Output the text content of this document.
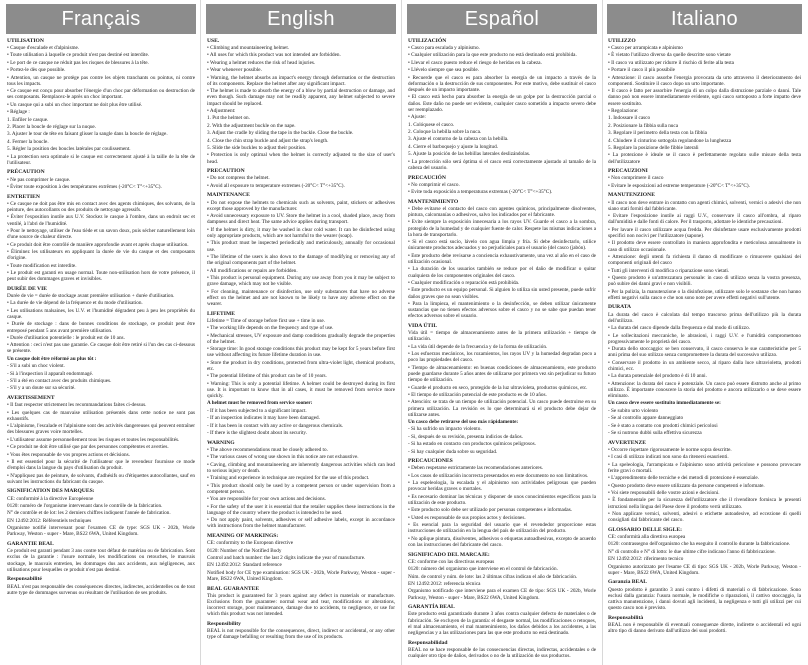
Français
UTILISATION
• Casque d'escalade et d'alpinisme.
• Toute utilisation à laquelle ce produit n'est pas destiné est interdite.
• Le port de ce casque ne réduit pas les risques de blessures à la tête.
• Portez-le dès que possible.
• Attention, un casque ne protège pas contre les objets tranchants ou pointus, ni contre tous les impacts.
• Ce casque est conçu pour absorber l'énergie d'un choc par déformation ou destruction de ses composants. Remplacez-le après un choc important.
• Un casque qui a subi un choc important ne doit plus être utilisé.
• Réglage :
1. Enfiler le casque.
2. Placer la boucle de réglage sur la nuque.
3. Ajuster le tour de tête en faisant glisser la sangle dans la boucle de réglage.
4. Fermer la boucle.
5. Régler la position des boucles latérales par coulissement.
• La protection sera optimale si le casque est correctement ajusté à la taille de la tête de l'utilisateur.
PRÉCAUTION
• Ne pas comprimer le casque.
• Éviter toute exposition à des températures extrêmes (-20°C< T°<+35°C).
ENTRETIEN
• Ce casque ne doit pas être mis en contact avec des agents chimiques, des solvants, de la peinture, des autocollants ou des produits de nettoyage agressifs.
• Éviter l'exposition inutile aux U.V. Stockez le casque à l'ombre, dans un endroit sec et ventilé, à l'abri de l'humidité.
• Pour le nettoyage, utiliser de l'eau tiède et un savon doux, puis sécher naturellement loin d'une source de chaleur directe.
• Ce produit doit être contrôlé de manière approfondie avant et après chaque utilisation.
• Éliminez les utilisateurs en appliquant la durée de vie du casque et des composants d'origine.
• Toute modification est interdite.
• Le produit est garanti en usage normal. Toute non-utilisation hors de votre présence, il peut subir des dommages graves et invisibles.
DURÉE DE VIE
Durée de vie = durée de stockage avant première utilisation + durée d'utilisation.
• La durée de vie dépend de la fréquence et du mode d'utilisation.
• Les utilisations malsaines, les U.V. et l'humidité dégradent peu à peu les propriétés du casque.
• Durée de stockage : dans de bonnes conditions de stockage, ce produit peut être entreposé pendant 5 ans avant première utilisation.
• Durée d'utilisation potentielle : le produit est de 10 ans.
• Attention : ceci n'est pas une garantie. Ce casque doit être retiré si l'un des cas ci-dessous se présente.
Un casque doit être réformé au plus tôt :
- S'il a subi un choc violent.
- Si à l'inspection il apparaît endommagé.
- S'il a été en contact avec des produits chimiques.
- S'il y a un doute sur sa sécurité.
AVERTISSEMENT
• Il faut respecter strictement les recommandations faites ci-dessus.
• Les quelques cas de mauvaise utilisation présentés dans cette notice ne sont pas exhaustifs.
• L'alpinisme, l'escalade et l'alpinisme sont des activités dangereuses qui peuvent entraîner des blessures graves voire mortelles.
• L'utilisateur assume personnellement tous les risques et toutes les responsabilités.
• Ce produit ne doit être utilisé que par des personnes compétentes et averties.
• Vous êtes responsable de vos propres actions et décisions.
• Il est essentiel pour la sécurité de l'utilisateur que le revendeur fournisse ce mode d'emploi dans la langue du pays d'utilisation du produit.
• N'appliquez pas de peinture, de solvants, d'adhésifs ou d'étiquettes autocollantes, sauf en suivant les instructions du fabricant du casque.
SIGNIFICATION DES MARQUES:
CE: conformité à la directive Européenne
0120: numéro de l'organisme intervenant dans le contrôle de la fabrication.
N° de contrôle et de lot: les 2 derniers chiffres indiquent l'année de fabrication.
EN 12492:2012: Référentiels techniques
Organisme notifié intervenant pour l'examen CE de type: SGS UK - 202b, Worle Parkway, Weston - super - Mare, BS22 6WA, United Kingdom.
GARANTIE BEAL
Ce produit est garanti pendant 3 ans contre tout défaut de matériau ou de fabrication. Sont exclus de la garantie : l'usure normale, les modifications ou retouches, le mauvais stockage, le mauvais entretien, les dommages dus aux accidents, aux négligences, aux utilisations pour lesquelles ce produit n'est pas destiné.
Responsabilité
BEAL n'est pas responsable des conséquences directes, indirectes, accidentelles ou de tout autre type de dommages survenus ou résultant de l'utilisation de ses produits.
English
USE.
• Climbing and mountaineering helmet.
• All uses for which this product was not intended are forbidden.
• Wearing a helmet reduces the risk of head injuries.
• Wear whenever possible.
• Warning, the helmet absorbs an impact's energy through deformation or the destruction of its components. Replace the helmet after any significant impact.
• The helmet is made to absorb the energy of a blow by partial destruction or damage, and even though. Such damage may not be readily apparent, any helmet subjected to severe impact should be replaced.
• Adjustment:
1. Put the helmet on.
2. With the adjustment buckle on the nape.
3. Adjust the cradle by sliding the tape in the buckle. Close the buckle.
4. Close the chin strap buckle and adjust the strap's length.
5. Slide the side buckles to adjust their position.
• Protection is only optimal when the helmet is correctly adjusted to the size of user's head.
PRECAUTION
• Do not compress the helmet.
• Avoid all exposure to temperature extremes (-20°C< T°<+35°C).
MAINTENANCE
• Do not expose the helmets to chemicals such as solvents, paint, stickers or adhesives except those approved by the manufacturer.
• Avoid unnecessary exposure to UV. Store the helmet in a cool, shaded place, away from dampness and direct heat. The same advice applies during transport.
• If the helmet is dirty, it may be washed in clear cold water. It can be disinfected using only appropriate products, which are not harmful to the wearer (soap).
• This product must be inspected periodically and meticulously, annually for occasional use.
• The lifetime of the users is also down to the damage of modifying or removing any of the original components part of the helmet.
• All modifications or repairs are forbidden.
• This product is personal equipment. During any use away from you it may be subject to grave damage, which may not be visible.
• For cleaning, maintenance or disinfection, use only substances that have no adverse effect on the helmet and are not known to be likely to have any adverse effect on the wearer.
LIFETIME
Lifetime = Time of storage before first use + time in use.
• The working life depends on the frequency and type of use.
• Mechanical stresses, UV exposure and damp conditions gradually degrade the properties of the helmet.
• Storage time: In good storage conditions this product may be kept for 5 years before first use without affecting its future lifetime duration in use.
• Store the product in dry conditions, protected from ultra-violet light, chemical products, etc.
• The potential lifetime of this product can be of 10 years.
• Warning: This is only a potential lifetime. A helmet could be destroyed during its first use. It is important to know that in all cases, it must be removed from service more quickly.
A helmet must be removed from service sooner:
- If it has been subjected to a significant impact.
- If an inspection indicates it may have been damaged.
- If it has been in contact with any active or dangerous chemicals.
- If there is the slightest doubt about its security.
WARNING
• The above recommendations must be closely adhered to.
• The various cases of wrong use shown in this notice are not exhaustive.
• Caving, climbing and mountaineering are inherently dangerous activities which can lead to serious injury or death.
• Training and experience in technique are required for the use of this product.
• This product should only be used by a competent person or under supervision from a competent person.
• You are responsible for your own actions and decisions.
• For the safety of the user it is essential that the retailer supplies these instructions in the language of the country where the product is intended to be used.
• Do not apply paint, solvents, adhesives or self adhesive labels, except in accordance with instructions from the helmet manufacturer.
MEANING OF MARKINGS:
CE: conformity to the European directive
0120: Number of the Notified Body
Control and batch number: the last 2 digits indicate the year of manufacture.
EN 12492:2012: Standard reference
Notified body for CE type examination: SGS UK - 202b, Worle Parkway, Weston - super - Mare, BS22 6WA, United Kingdom.
BEAL GUARANTEE
This product is guaranteed for 3 years against any defect in materials or manufacture. Exclusions from the guarantee: normal wear and tear, modifications or alterations, incorrect storage, poor maintenance, damage due to accidents, to negligence, or use for which this product was not intended.
Responsibility
BEAL is not responsible for the consequences, direct, indirect or accidental, or any other type of damage befalling or resulting from the use of its products.
Español
UTILIZACIÓN
• Casco para escalada y alpinismo.
• Cualquier utilización para la que este producto no está destinado está prohibida.
• Llevar el casco puesto reduce el riesgo de heridas en la cabeza.
• Llévelo siempre que sea posible.
• Recuerde que el casco es para absorber la energía de un impacto a través de la deformación o la destrucción de sus componentes. Por este motivo, debe sustituir el casco después de un impacto importante.
• El casco está hecho para absorber la energía de un golpe por la destrucción parcial o daños. Este daño no puede ser evidente, cualquier casco sometido a impacto severo debe ser reemplazado.
• Ajuste:
1. Colóquese el casco.
2. Coloque la hebilla sobre la nuca.
3. Ajuste el contorno de la cabeza con la hebilla.
4. Cierre el barboquejo y ajuste la longitud.
5. Ajuste la posición de las hebillas laterales deslizándolas.
• La protección sólo será óptima si el casco está correctamente ajustado al tamaño de la cabeza del usuario.
PRECAUCIÓN
• No comprimir el casco.
• Evite toda exposición a temperaturas extremas (-20°C< T°<+35°C).
MANTENIMIENTO
• Debe evitarse el contacto del casco con agentes químicos, principalmente disolventes, pintura, calcomanías o adhesivos, salvo los indicados por el fabricante.
• Evite siempre la exposición innecesaria a los rayos UV. Guarde el casco a la sombra, protegido de la humedad y de cualquier fuente de calor. Respete las mismas indicaciones a la hora de transportarlo.
• Si el casco está sucio, lávelo con agua limpia y fría. Si debe desinfectarlo, utilice únicamente productos adecuados y no perjudiciales para el usuario (del casco (jabón).
• Este producto debe revisarse a conciencia exhaustivamente, una vez al año en el caso de utilización ocasional.
• La duración de los usuarios también se reduce por el daño de modificar o quitar cualquiera de los componentes originales del casco.
• Cualquier modificación o reparación está prohibida.
• Este producto es un equipo personal. Si alguien lo utiliza sin usted presente, puede sufrir daños graves que no sean visibles.
• Para la limpieza, el mantenimiento o la desinfección, se deben utilizar únicamente sustancias que no tienen efectos adversos sobre el casco y no se sabe que puedan tener efectos adversos sobre el usuario.
VIDA ÚTIL
Vida útil = tiempo de almacenamiento antes de la primera utilización + tiempo de utilización.
• La vida útil depende de la frecuencia y de la forma de utilización.
• Los esfuerzos mecánicos, los rozamientos, los rayos UV y la humedad degradan poco a poco las propiedades del casco.
• Tiempo de almacenamiento: en buenas condiciones de almacenamiento, este producto puede guardarse durante 5 años antes de utilizarse por primera vez sin perjudicar su futuro tiempo de utilización.
• Guarde el producto en seco, protegido de la luz ultravioleta, productos químicos, etc.
• El tiempo de utilización potencial de este producto es de 10 años.
• Atención: se trata de un tiempo de utilización potencial. Un casco puede destruirse en su primera utilización. La revisión es lo que determinará si el producto debe dejar de utilizarse antes.
Un casco debe retirarse del uso más rápidamente:
- Si ha sufrido un impacto violento.
- Si, después de su revisión, presenta indicios de daños.
- Si ha estado en contacto con productos químicos peligrosos.
- Si hay cualquier duda sobre su seguridad.
PRECAUCIONES
• Deben respetarse estrictamente las recomendaciones anteriores.
• Los casos de utilización incorrecta presentados en este documento no son limitativos.
• La espeleología, la escalada y el alpinismo son actividades peligrosas que pueden provocar heridas graves o mortales.
• Es necesario dominar las técnicas y disponer de unos conocimientos específicos para la utilización de este producto.
• Este producto solo debe ser utilizado por personas competentes e informadas.
• Usted es responsable de sus propios actos y decisiones.
• Es esencial para la seguridad del usuario que el revendedor proporcione estas instrucciones de utilización en la lengua del país de utilización del producto.
• No aplique pintura, disolventes, adhesivos o etiquetas autoadhesivas, excepto de acuerdo con las instrucciones del fabricante del casco.
SIGNIFICADO DEL MARCAJE:
CE: conforme con las directivas europeas
0120: número del organismo que interviene en el control de fabricación.
Núm. de control y núm. de lote: las 2 últimas cifras indican el año de fabricación.
EN 12492:2012: referencia técnica
Organismo notificado que interviene para el examen CE de tipo: SGS UK - 202b, Worle Parkway, Weston - super - Mare, BS22 6WA, United Kingdom.
GARANTÍA BEAL
Este producto está garantizado durante 3 años contra cualquier defecto de materiales o de fabricación. Se excluyen de la garantía: el desgaste normal, las modificaciones o retoques, el mal almacenamiento, el mal mantenimiento, los daños debidos a los accidentes, a las negligencias y a las utilizaciones para las que este producto no está destinado.
Responsabilidad
BEAL no se hace responsable de las consecuencias directas, indirectas, accidentales o de cualquier otro tipo de daños, derivados o no de la utilización de sus productos.
Italiano
UTILIZZO
• Casco per arrampicata e alpinismo
• È vietato l'utilizzo diverso da quelle descritte sono vietate
• Il casco va utilizzato per ridurre il rischio di ferite alla testa
• Portare il casco il più possibile
• Attenzione: il casco assorbe l'energia provocata da urto attraverso il deterioramento dei componenti. Sostituire il casco dopo un urto importante.
• Il casco è fatto per assorbire l'energia di un colpo dalla distruzione parziale o danni. Tale danno può non essere immediatamente evidente, ogni casco sottoposto a forte impatto deve essere sostituito.
• Regolazione:
1. Indossare il casco
2. Posizionare la fibbia sulla nuca
3. Regolare il perimetro della testa con la fibbia
4. Chiudere il cinturino sottogola regolandone la lunghezza
5. Regolare la posizione delle fibbie laterali
• La protezione è ideale se il casco è perfettamente regolato sulle misure della testa dell'utilizzatore
PRECAUZIONI
• Non comprimere il casco
• Evitare le esposizioni ad estreme temperature (-20°C< T°<+35°C).
MANUTENZIONE
• Il casco non deve entrare in contatto con agenti chimici, solventi, vernici o adesivi che non siano stati forniti dal fabbricante.
• Evitare l'esposizione inutile ai raggi U.V., conservare il casco all'ombra, al riparo dall'umidità e dalle fonti di calore. Per il trasporto, adottare le identiche precauzioni.
• Per lavare il casco utilizzare acqua fredda. Per disinfettare usare esclusivamente prodotti specifici non nocivi per l'utilizzatore (sapone).
• Il prodotto deve essere controllato in maniera approfondita e meticolosa annualmente in caso di utilizzo occasionale.
• Attenzione: degli utenti fa richiesta il danno di modificare o rimuovere qualsiasi dei componenti originali del casco
• Tutti gli interventi di modifica o riparazione sono vietati.
• Questo prodotto è un'attrezzatura personale: in caso di utilizzo senza la vostra presenza, può subire dei danni gravi e non visibili.
• Per la pulizia, la manutenzione o la disinfezione, utilizzare solo le sostanze che non hanno effetti negativi sulla casco e che non sono note per avere effetti negativi sull'utente.
DURATA
La durata del casco è calcolata dal tempo trascorso prima dell'utilizzo più la durata dell'utilizzo.
• La durata del casco dipende dalla frequenza e dal modo di utilizzo.
• Le sollecitazioni meccaniche, le abrasioni, i raggi U.V. e l'umidità compromettono progressivamente le proprietà del casco.
• Durata dello stoccaggio: se ben conservato, il casco conserva le sue caratteristiche per 5 anni prima del suo utilizzo senza compromettere la durata del successivo utilizzo.
• Conservare il prodotto in un ambiente secco, al riparo dalla luce ultravioletta, prodotti chimici, ecc.
• La durata potenziale del prodotto è di 10 anni.
• Attenzione: la durata del casco è potenziale. Un casco può essere distrutto anche al primo utilizzo. È importante conoscere la storia del prodotto e ancora utilizzarlo o se deve essere eliminato.
Un casco deve essere sostituito immediatamente se:
- Se subito urto violento
- Se al controllo appare danneggiato
- Se è stato a contatto con prodotti chimici pericolosi
- Se si nutrono dubbi sulla effettiva sicurezza
AVVERTENZE
• Occorre rispettare rigorosamente le norme sopra descritte.
• I casi di utilizzo indicati non sono da ritenersi esaurienti.
• La speleologia, l'arrampicata e l'alpinismo sono attività pericolose e possono provocare ferite gravi o mortali.
• L'apprendimento delle tecniche e dei metodi di protezione è essenziale.
• Questo prodotto deve essere utilizzato da persone competenti e informate.
• Voi siete responsabili delle vostre azioni e decisioni.
• È fondamentale per la sicurezza dell'utilizzatore che il rivenditore fornisca le presenti istruzioni nella lingua del Paese dove il prodotto verrà utilizzato.
• Non applicare vernici, solventi, adesivi o etichette autoadesive, ad eccezione di quelli consigliati dal fabbricante del casco.
GLOSSARIO DELLE SIGLE:
CE: conformità alla direttiva europea
0120: contrassegno dell'organismo che ha eseguito il controllo durante la fabbricazione.
N° di controllo e N° di lotto: le due ultime cifre indicano l'anno di fabbricazione.
EN 12492:2012: riferimento tecnico
Organismo autorizzato per l'esame CE di tipo: SGS UK - 202b, Worle Parkway, Weston - super - Mare, BS22 6WA, United Kingdom.
Garanzia BEAL
Questo prodotto è garantito 3 anni contro i difetti di materiali o di fabbricazione. Sono esclusi dalla garanzia: l'usura normale, le modifiche o riparazioni, il cattivo stoccaggio, la cattiva manutenzione, i danni dovuti agli incidenti, la negligenza e tutti gli utilizzi per cui questo casco non è previsto.
Responsabilità
BEAL non è responsabile di eventuali conseguenze dirette, indirette o accidentali ed ogni altro tipo di danno derivato dall'utilizzo dei suoi prodotti.
